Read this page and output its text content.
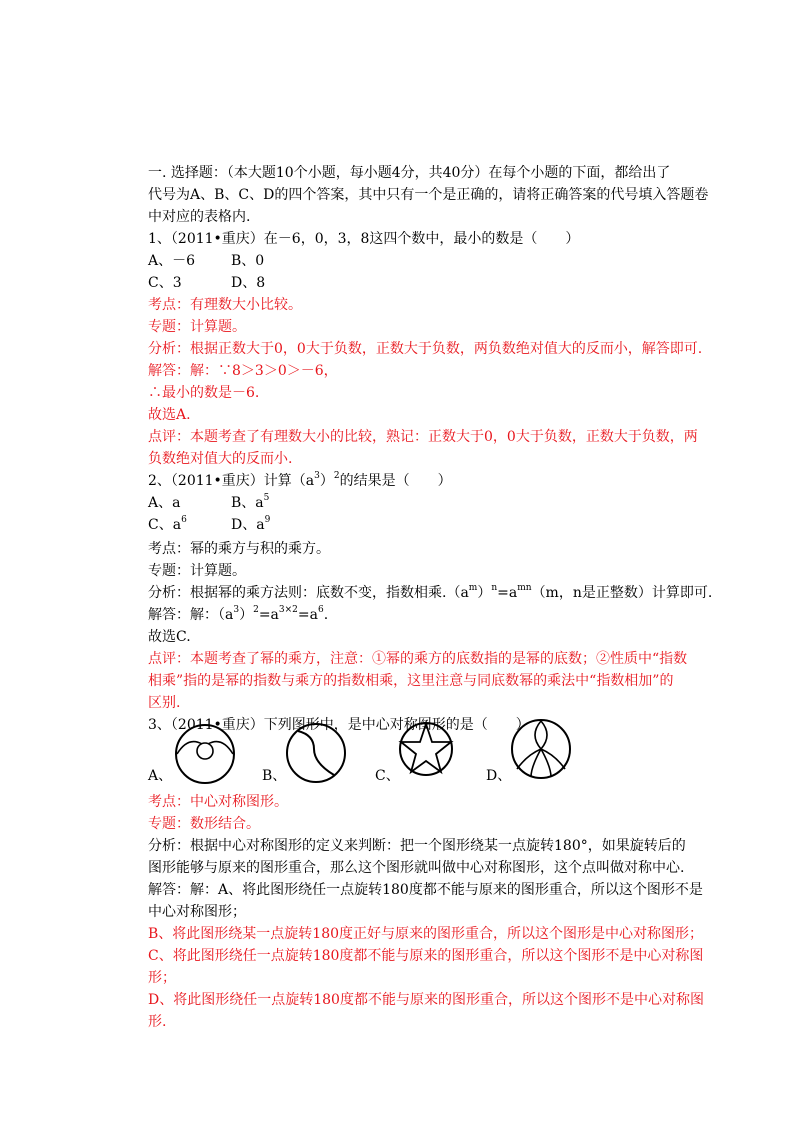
一. 选择题：（本大题10个小题，每小题4分，共40分）在每个小题的下面，都给出了
代号为A、B、C、D的四个答案，其中只有一个是正确的，请将正确答案的代号填入答题卷
中对应的表格内.
1、（2011•重庆）在－6，0，3，8这四个数中，最小的数是（　　）
A、－6	B、0
C、3	D、8
考点：有理数大小比较。
专题：计算题。
分析：根据正数大于0，0大于负数，正数大于负数，两负数绝对值大的反而小，解答即可.
解答：解：∵8＞3＞0＞－6，
∴最小的数是－6.
故选A.
点评：本题考查了有理数大小的比较，熟记：正数大于0，0大于负数，正数大于负数，两
负数绝对值大的反而小.
2、（2011•重庆）计算$(a^3)^2$的结果是（　　）
A、a	B、$a^5$
C、$a^6$	D、$a^9$
考点：幂的乘方与积的乘方。
专题：计算题。
分析：根据幂的乘方法则：底数不变，指数相乘$.(a^m)^n=a^{mn}(m$，n是正整数）计算即可.
解答：解：$(a^3)^2=a^{3\times 2}=a^6$.
故选C.
点评：本题考查了幂的乘方，注意：①幂的乘方的底数指的是幂的底数；②性质中“指数
相乘”指的是幂的指数与乘方的指数相乘，这里注意与同底数幂的乘法中“指数相加”的
区别.
3、（2011•重庆）下列图形中，是中心对称图形的是（　　）
A、	B、	C、	D、
考点：中心对称图形。
专题：数形结合。
分析：根据中心对称图形的定义来判断：把一个图形绕某一点旋转180°，如果旋转后的
图形能够与原来的图形重合，那么这个图形就叫做中心对称图形，这个点叫做对称中心.
解答：解：A、将此图形绕任一点旋转180度都不能与原来的图形重合，所以这个图形不是
中心对称图形；
B、将此图形绕某一点旋转180度正好与原来的图形重合，所以这个图形是中心对称图形；
C、将此图形绕任一点旋转180度都不能与原来的图形重合，所以这个图形不是中心对称图
形；
D、将此图形绕任一点旋转180度都不能与原来的图形重合，所以这个图形不是中心对称图
形.
